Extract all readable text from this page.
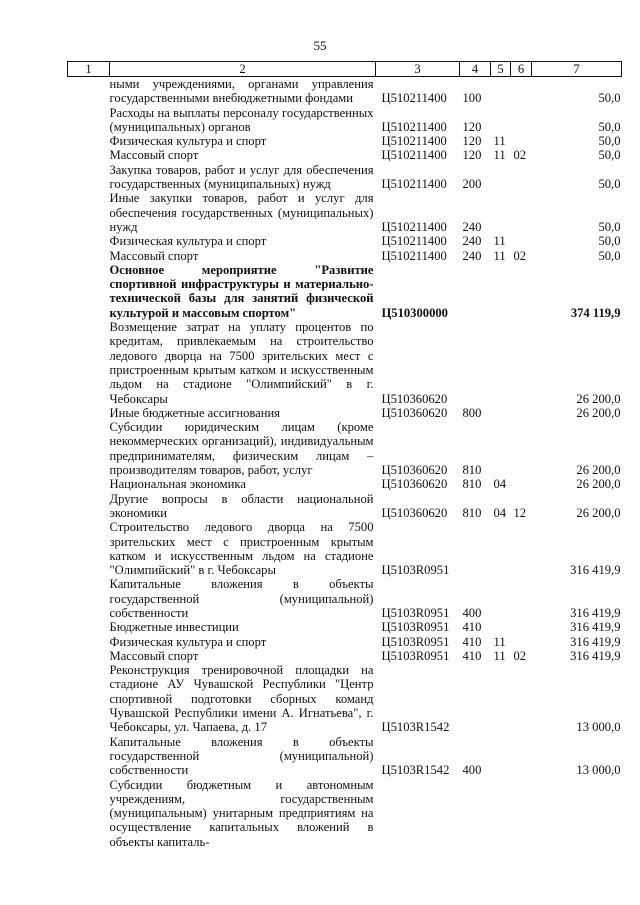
55
1	2	3	4	5	6	7
	ными учреждениями, органами управления государственными внебюджетными фондами	Ц510211400	100			50,0
	Расходы на выплаты персоналу государственных (муниципальных) органов	Ц510211400	120			50,0
	Физическая культура и спорт	Ц510211400	120	11		50,0
	Массовый спорт	Ц510211400	120	11	02	50,0
	Закупка товаров, работ и услуг для обеспечения государственных (муниципальных) нужд	Ц510211400	200			50,0
	Иные закупки товаров, работ и услуг для обеспечения государственных (муниципальных) нужд	Ц510211400	240			50,0
	Физическая культура и спорт	Ц510211400	240	11		50,0
	Массовый спорт	Ц510211400	240	11	02	50,0
	Основное мероприятие "Развитие спортивной инфраструктуры и материально-технической базы для занятий физической культурой и массовым спортом"	Ц510300000				374 119,9
	Возмещение затрат на уплату процентов по кредитам, привлекаемым на строительство ледового дворца на 7500 зрительских мест с пристроенным крытым катком и искусственным льдом на стадионе "Олимпийский" в г. Чебоксары	Ц510360620				26 200,0
	Иные бюджетные ассигнования	Ц510360620	800			26 200,0
	Субсидии юридическим лицам (кроме некоммерческих организаций), индивидуальным предпринимателям, физическим лицам – производителям товаров, работ, услуг	Ц510360620	810			26 200,0
	Национальная экономика	Ц510360620	810	04		26 200,0
	Другие вопросы в области национальной экономики	Ц510360620	810	04	12	26 200,0
	Строительство ледового дворца на 7500 зрительских мест с пристроенным крытым катком и искусственным льдом на стадионе "Олимпийский" в г. Чебоксары	Ц5103R0951				316 419,9
	Капитальные вложения в объекты государственной (муниципальной) собственности	Ц5103R0951	400			316 419,9
	Бюджетные инвестиции	Ц5103R0951	410			316 419,9
	Физическая культура и спорт	Ц5103R0951	410	11		316 419,9
	Массовый спорт	Ц5103R0951	410	11	02	316 419,9
	Реконструкция тренировочной площадки на стадионе АУ Чувашской Республики "Центр спортивной подготовки сборных команд Чувашской Республики имени А. Игнатьева", г. Чебоксары, ул. Чапаева, д. 17	Ц5103R1542				13 000,0
	Капитальные вложения в объекты государственной (муниципальной) собственности	Ц5103R1542	400			13 000,0
	Субсидии бюджетным и автономным учреждениям, государственным (муниципальным) унитарным предприятиям на осуществление капитальных вложений в объекты капиталь-					
